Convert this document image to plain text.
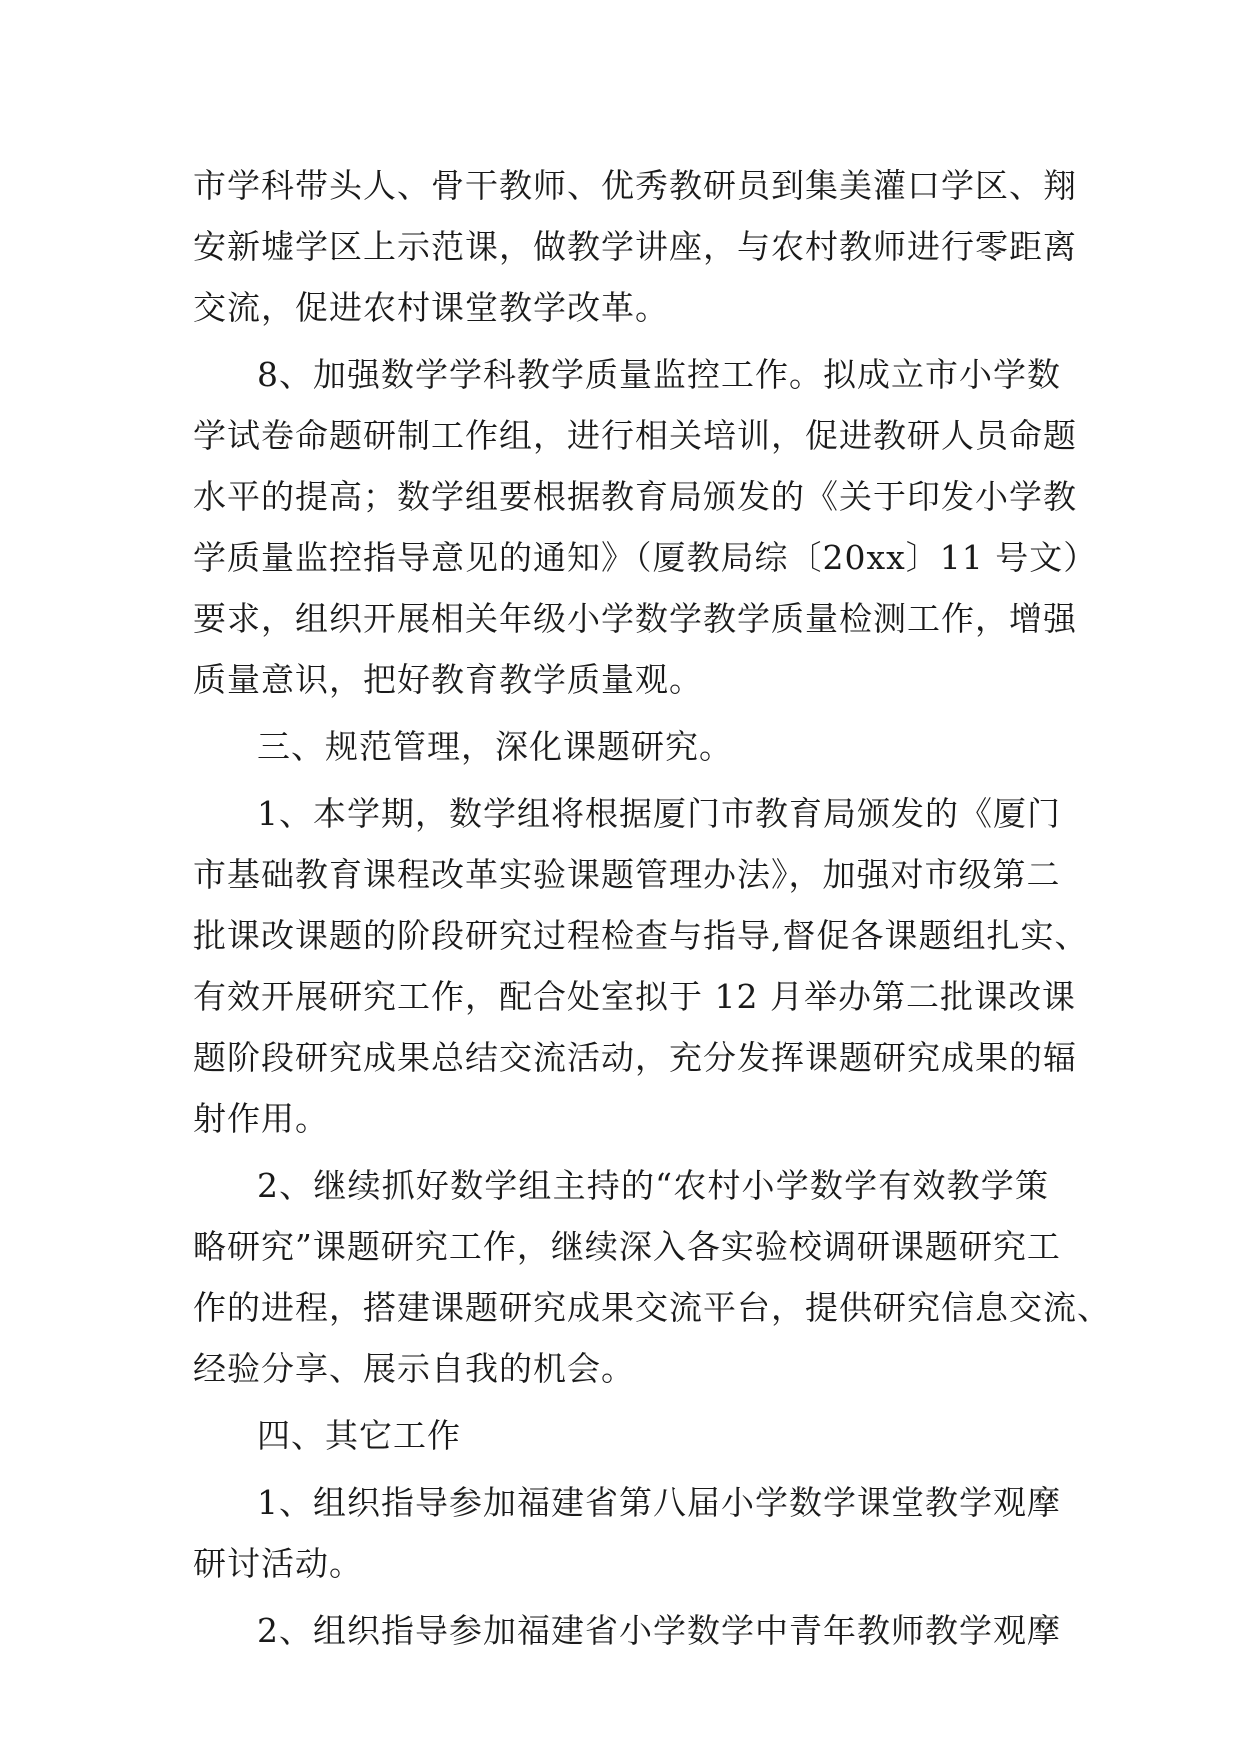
市学科带头人、骨干教师、优秀教研员到集美灌口学区、翔
安新墟学区上示范课，做教学讲座，与农村教师进行零距离
交流，促进农村课堂教学改革。
8、加强数学学科教学质量监控工作。拟成立市小学数
学试卷命题研制工作组，进行相关培训，促进教研人员命题
水平的提高；数学组要根据教育局颁发的《关于印发小学教
学质量监控指导意见的通知》（厦教局综〔20xx〕11 号文）
要求，组织开展相关年级小学数学教学质量检测工作，增强
质量意识，把好教育教学质量观。
三、规范管理，深化课题研究。
1、本学期，数学组将根据厦门市教育局颁发的《厦门
市基础教育课程改革实验课题管理办法》，加强对市级第二
批课改课题的阶段研究过程检查与指导,督促各课题组扎实、
有效开展研究工作，配合处室拟于 12 月举办第二批课改课
题阶段研究成果总结交流活动，充分发挥课题研究成果的辐
射作用。
2、继续抓好数学组主持的“农村小学数学有效教学策
略研究”课题研究工作，继续深入各实验校调研课题研究工
作的进程，搭建课题研究成果交流平台，提供研究信息交流、
经验分享、展示自我的机会。
四、其它工作
1、组织指导参加福建省第八届小学数学课堂教学观摩
研讨活动。
2、组织指导参加福建省小学数学中青年教师教学观摩
